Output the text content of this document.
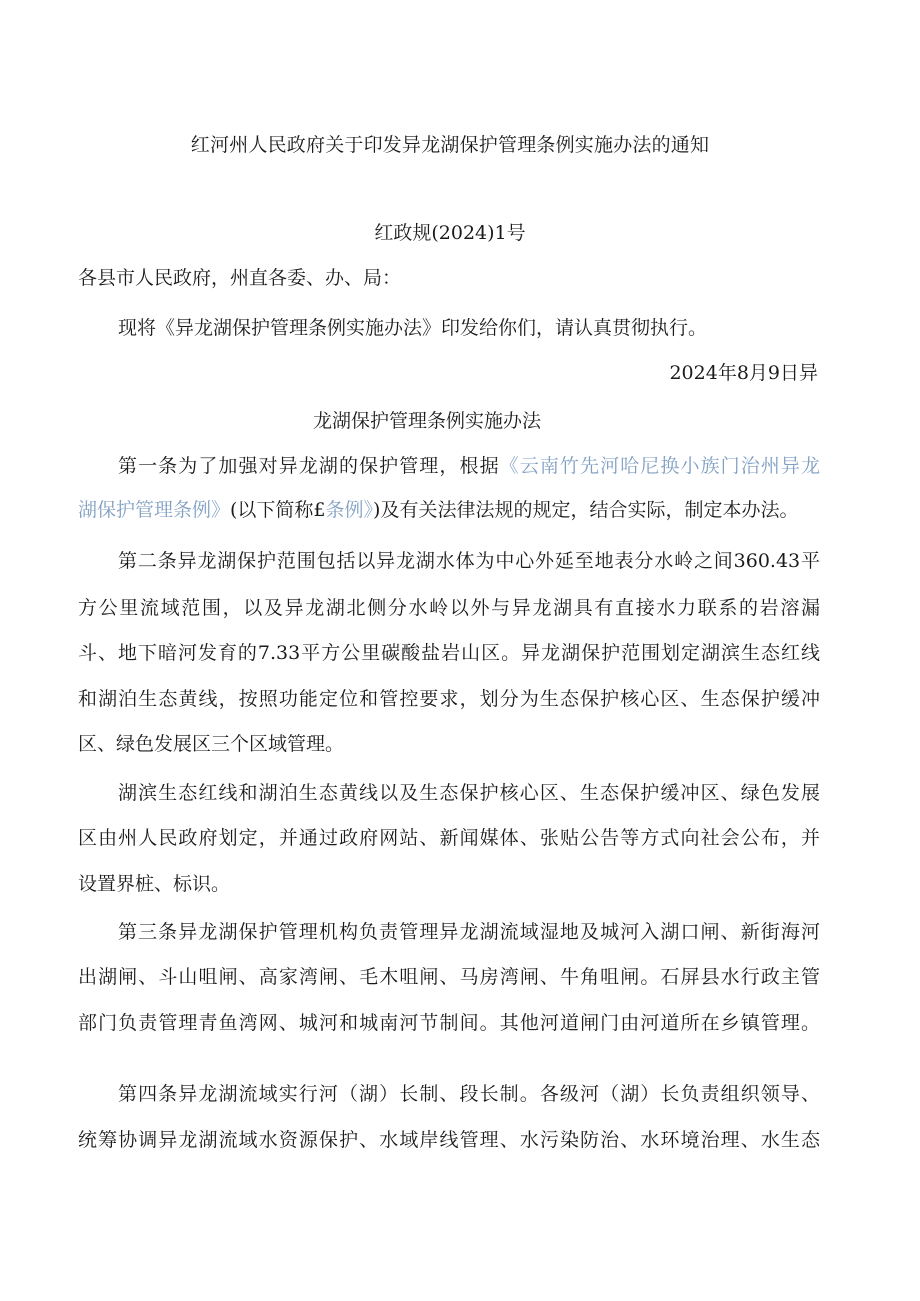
红河州人民政府关于印发异龙湖保护管理条例实施办法的通知
红政规(2024)1号
各县市人民政府，州直各委、办、局：
现将《异龙湖保护管理条例实施办法》印发给你们，请认真贯彻执行。
2024年8月9日异
龙湖保护管理条例实施办法
第一条为了加强对异龙湖的保护管理，根据《云南竹先河哈尼换小族门治州异龙
湖保护管理条例》(以下简称£条例》)及有关法律法规的规定，结合实际，制定本办法。
第二条异龙湖保护范围包括以异龙湖水体为中心外延至地表分水岭之间360.43平
方公里流域范围，以及异龙湖北侧分水岭以外与异龙湖具有直接水力联系的岩溶漏
斗、地下暗河发育的7.33平方公里碳酸盐岩山区。异龙湖保护范围划定湖滨生态红线
和湖泊生态黄线，按照功能定位和管控要求，划分为生态保护核心区、生态保护缓冲
区、绿色发展区三个区域管理。
湖滨生态红线和湖泊生态黄线以及生态保护核心区、生态保护缓冲区、绿色发展
区由州人民政府划定，并通过政府网站、新闻媒体、张贴公告等方式向社会公布，并
设置界桩、标识。
第三条异龙湖保护管理机构负责管理异龙湖流域湿地及城河入湖口闸、新街海河
出湖闸、斗山咀闸、高家湾闸、毛木咀闸、马房湾闸、牛角咀闸。石屏县水行政主管
部门负责管理青鱼湾网、城河和城南河节制间。其他河道闸门由河道所在乡镇管理。
第四条异龙湖流域实行河（湖）长制、段长制。各级河（湖）长负责组织领导、
统筹协调异龙湖流域水资源保护、水域岸线管理、水污染防治、水环境治理、水生态
